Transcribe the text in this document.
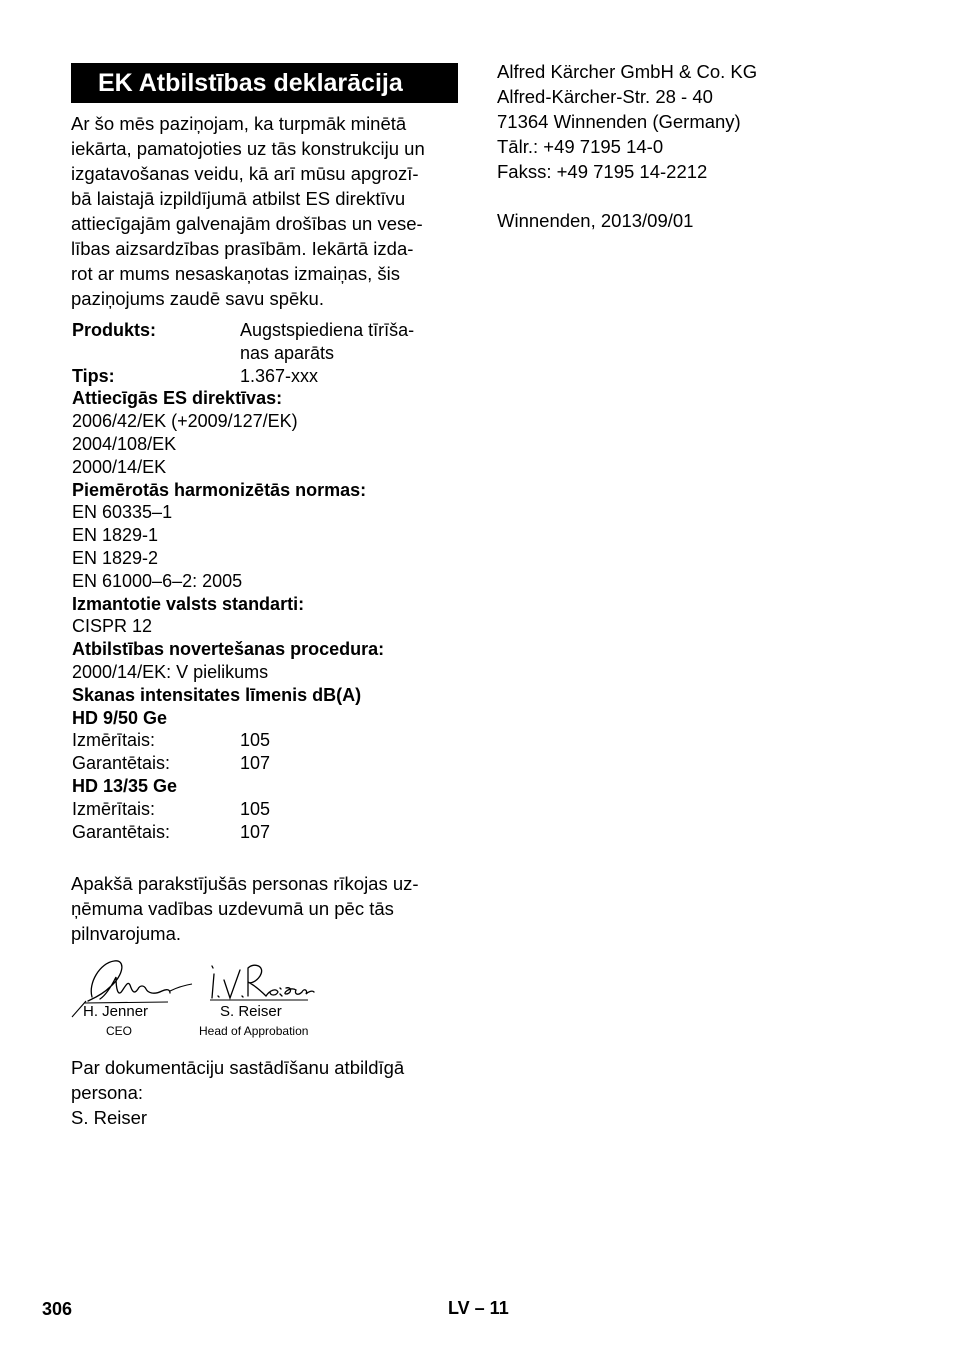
EK Atbilstības deklarācija
Ar šo mēs paziņojam, ka turpmāk minētā
iekārta, pamatojoties uz tās konstrukciju un
izgatavošanas veidu, kā arī mūsu apgrozī-
bā laistajā izpildījumā atbilst ES direktīvu
attiecīgajām galvenajām drošības un vese-
lības aizsardzības prasībām. Iekārtā izda-
rot ar mums nesaskaņotas izmaiņas, šis
paziņojums zaudē savu spēku.
Produkts:	Augstspiediena tīrīša-
nas aparāts
Tips:	1.367-xxx
Attiecīgās ES direktīvas:
2006/42/EK (+2009/127/EK)
2004/108/EK
2000/14/EK
Piemērotās harmonizētās normas:
EN 60335–1
EN 1829-1
EN 1829-2
EN 61000–6–2: 2005
Izmantotie valsts standarti:
CISPR 12
Atbilstības novertešanas procedura:
2000/14/EK: V pielikums
Skanas intensitates līmenis dB(A)
HD 9/50 Ge
Izmērītais:	105
Garantētais:	107
HD 13/35 Ge
Izmērītais:	105
Garantētais:	107
Apakšā parakstījušās personas rīkojas uz-
ņēmuma vadības uzdevumā un pēc tās
pilnvarojuma.
H. Jenner
CEO
S. Reiser
Head of Approbation
Par dokumentāciju sastādīšanu atbildīgā
persona:
S. Reiser
Alfred Kärcher GmbH & Co. KG
Alfred-Kärcher-Str. 28 - 40
71364 Winnenden (Germany)
Tālr.: +49 7195 14-0
Fakss: +49 7195 14-2212
Winnenden, 2013/09/01
306	LV – 11
